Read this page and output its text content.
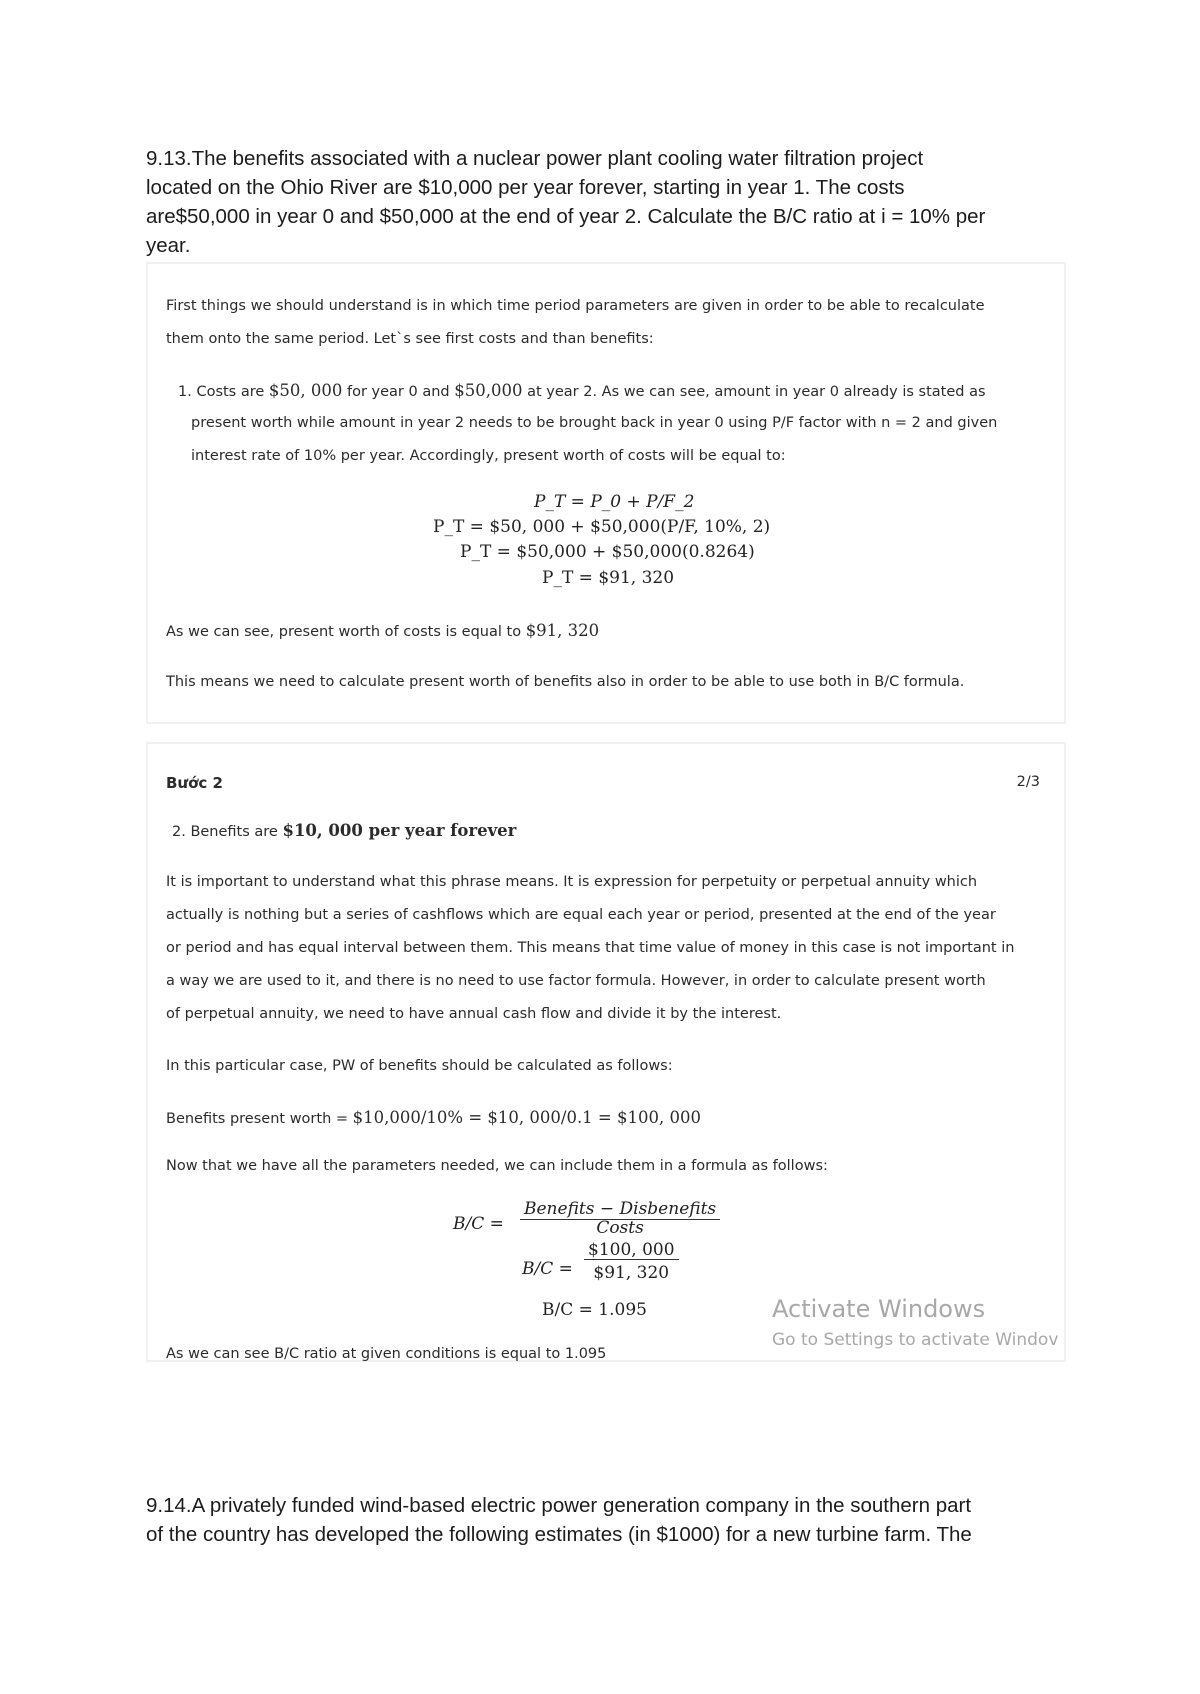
9.13.The benefits associated with a nuclear power plant cooling water filtration project
located on the Ohio River are $10,000 per year forever, starting in year 1. The costs
are$50,000 in year 0 and $50,000 at the end of year 2. Calculate the B/C ratio at i = 10% per
year.
First things we should understand is in which time period parameters are given in order to be able to recalculate
them onto the same period. Let`s see first costs and than benefits:
1. Costs are $50, 000 for year 0 and $50,000 at year 2. As we can see, amount in year 0 already is stated as
present worth while amount in year 2 needs to be brought back in year 0 using P/F factor with n = 2 and given
interest rate of 10% per year. Accordingly, present worth of costs will be equal to:
P_T = P_0 + P/F_2
P_T = $50, 000 + $50,000(P/F, 10%, 2)
P_T = $50,000 + $50,000(0.8264)
P_T = $91, 320
As we can see, present worth of costs is equal to $91, 320
This means we need to calculate present worth of benefits also in order to be able to use both in B/C formula.
Bước 2	2/3
2. Benefits are $10, 000 per year forever
It is important to understand what this phrase means. It is expression for perpetuity or perpetual annuity which
actually is nothing but a series of cashflows which are equal each year or period, presented at the end of the year
or period and has equal interval between them. This means that time value of money in this case is not important in
a way we are used to it, and there is no need to use factor formula. However, in order to calculate present worth
of perpetual annuity, we need to have annual cash flow and divide it by the interest.
In this particular case, PW of benefits should be calculated as follows:
Benefits present worth = $10,000/10% = $10, 000/0.1 = $100, 000
Now that we have all the parameters needed, we can include them in a formula as follows:
B/C =
Benefits − Disbenefits
Costs
$B/C = \frac{\$100, 000}{\$91, 320}$
B/C = 1.095
As we can see B/C ratio at given conditions is equal to 1.095
Activate Windows
Go to Settings to activate Windov
9.14.A privately funded wind-based electric power generation company in the southern part
of the country has developed the following estimates (in $1000) for a new turbine farm. The
